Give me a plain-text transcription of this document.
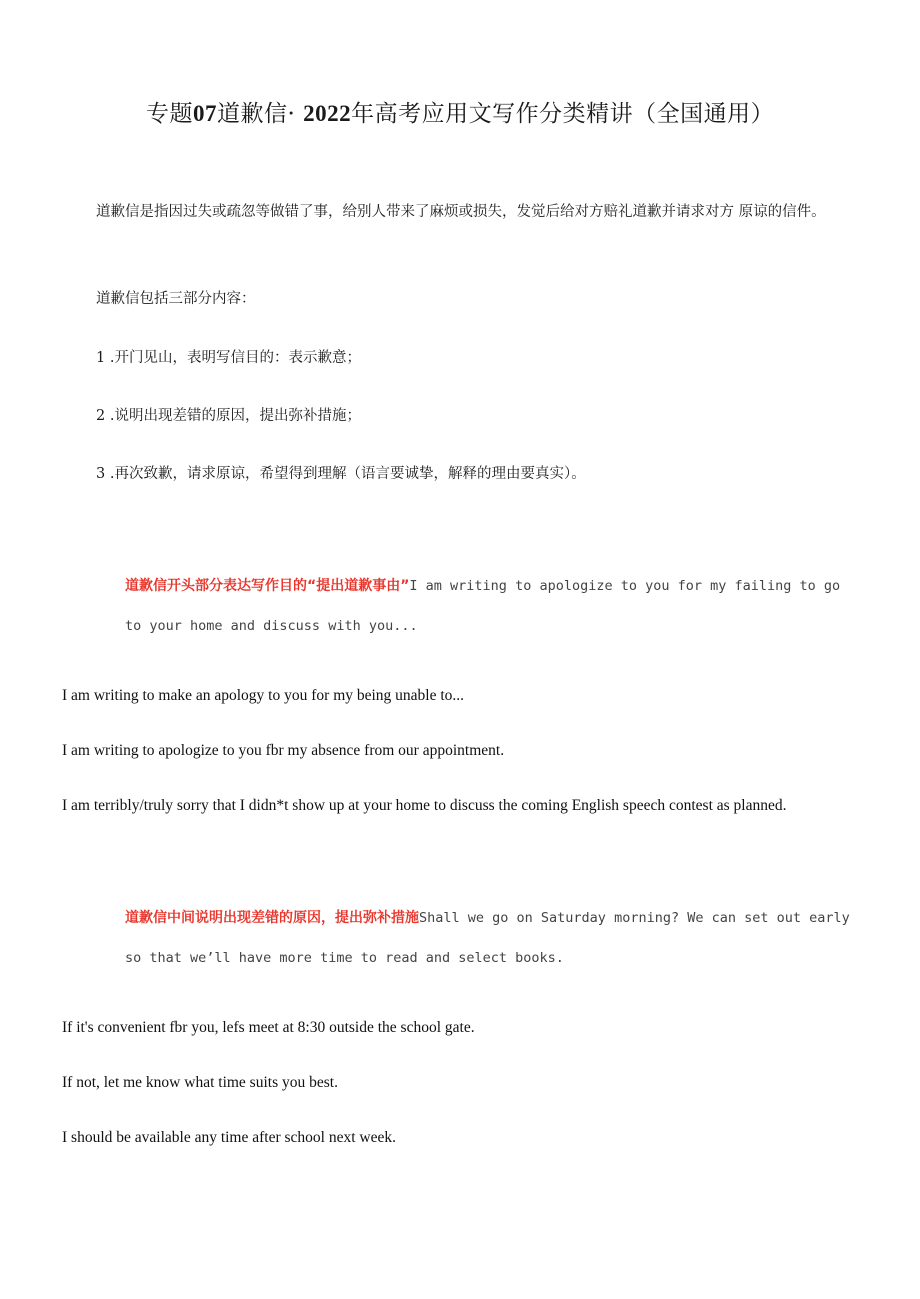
专题07道歉信· 2022年高考应用文写作分类精讲（全国通用）
道歉信是指因过失或疏忽等做错了事，给别人带来了麻烦或损失，发觉后给对方赔礼道歉并请求对方 原谅的信件。
道歉信包括三部分内容：
1 .开门见山，表明写信目的：表示歉意；
2 .说明出现差错的原因，提出弥补措施；
3 .再次致歉，请求原谅，希望得到理解（语言要诚挚，解释的理由要真实）。
道歉信开头部分表达写作目的“提出道歉事由”I am writing to apologize to you for my failing to go to your home and discuss with you...
I am writing to make an apology to you for my being unable to...
I am writing to apologize to you fbr my absence from our appointment.
I am terribly/truly sorry that I didn*t show up at your home to discuss the coming English speech contest as planned.
道歉信中间说明出现差错的原因，提出弥补措施Shall we go on Saturday morning? We can set out early so that we’ll have more time to read and select books.
If it's convenient fbr you, lefs meet at 8:30 outside the school gate.
If not, let me know what time suits you best.
I should be available any time after school next week.
